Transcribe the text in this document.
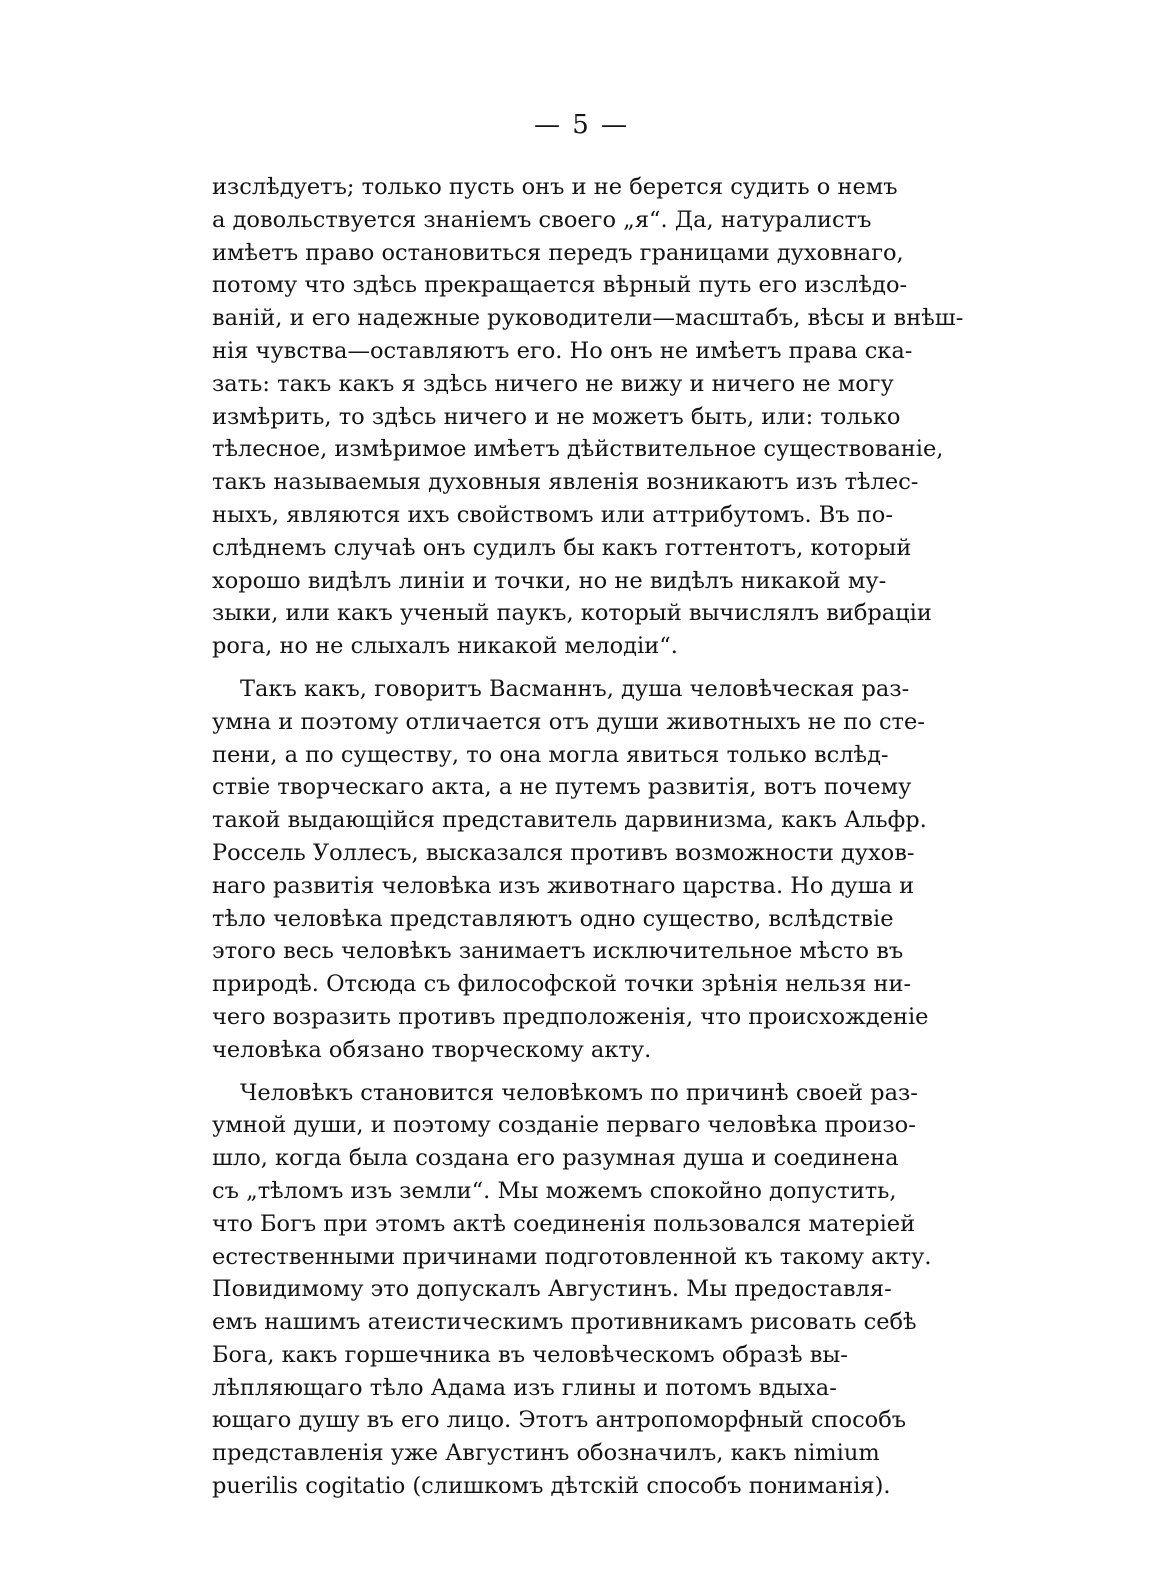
— 5 —
изслѣдуетъ; только пусть онъ и не берется судить о немъ
а довольствуется знаніемъ своего „я“. Да, натуралистъ
имѣетъ право остановиться передъ границами духовнаго,
потому что здѣсь прекращается вѣрный путь его изслѣдо-
ваній, и его надежные руководители—масштабъ, вѣсы и внѣш-
нія чувства—оставляютъ его. Но онъ не имѣетъ права ска-
зать: такъ какъ я здѣсь ничего не вижу и ничего не могу
измѣрить, то здѣсь ничего и не можетъ быть, или: только
тѣлесное, измѣримое имѣетъ дѣйствительное существованіе,
такъ называемыя духовныя явленія возникаютъ изъ тѣлес-
ныхъ, являются ихъ свойствомъ или аттрибутомъ. Въ по-
слѣднемъ случаѣ онъ судилъ бы какъ готтентотъ, который
хорошо видѣлъ линіи и точки, но не видѣлъ никакой му-
зыки, или какъ ученый паукъ, который вычислялъ вибраціи
рога, но не слыхалъ никакой мелодіи“.
Такъ какъ, говоритъ Васманнъ, душа человѣческая раз-
умна и поэтому отличается отъ души животныхъ не по сте-
пени, а по существу, то она могла явиться только вслѣд-
ствіе творческаго акта, а не путемъ развитія, вотъ почему
такой выдающійся представитель дарвинизма, какъ Альфр.
Россель Уоллесъ, высказался противъ возможности духов-
наго развитія человѣка изъ животнаго царства. Но душа и
тѣло человѣка представляютъ одно существо, вслѣдствіе
этого весь человѣкъ занимаетъ исключительное мѣсто въ
природѣ. Отсюда съ философской точки зрѣнія нельзя ни-
чего возразить противъ предположенія, что происхожденіе
человѣка обязано творческому акту.
Человѣкъ становится человѣкомъ по причинѣ своей раз-
умной души, и поэтому созданіе перваго человѣка произо-
шло, когда была создана его разумная душа и соединена
съ „тѣломъ изъ земли“. Мы можемъ спокойно допустить,
что Богъ при этомъ актѣ соединенія пользовался матеріей
естественными причинами подготовленной къ такому акту.
Повидимому это допускалъ Августинъ. Мы предоставля-
емъ нашимъ атеистическимъ противникамъ рисовать себѣ
Бога, какъ горшечника въ человѣческомъ образѣ вы-
лѣпляющаго тѣло Адама изъ глины и потомъ вдыха-
ющаго душу въ его лицо. Этотъ антропоморфный способъ
представленія уже Августинъ обозначилъ, какъ nimium
puerilis cogitatio (слишкомъ дѣтскій способъ пониманія).
